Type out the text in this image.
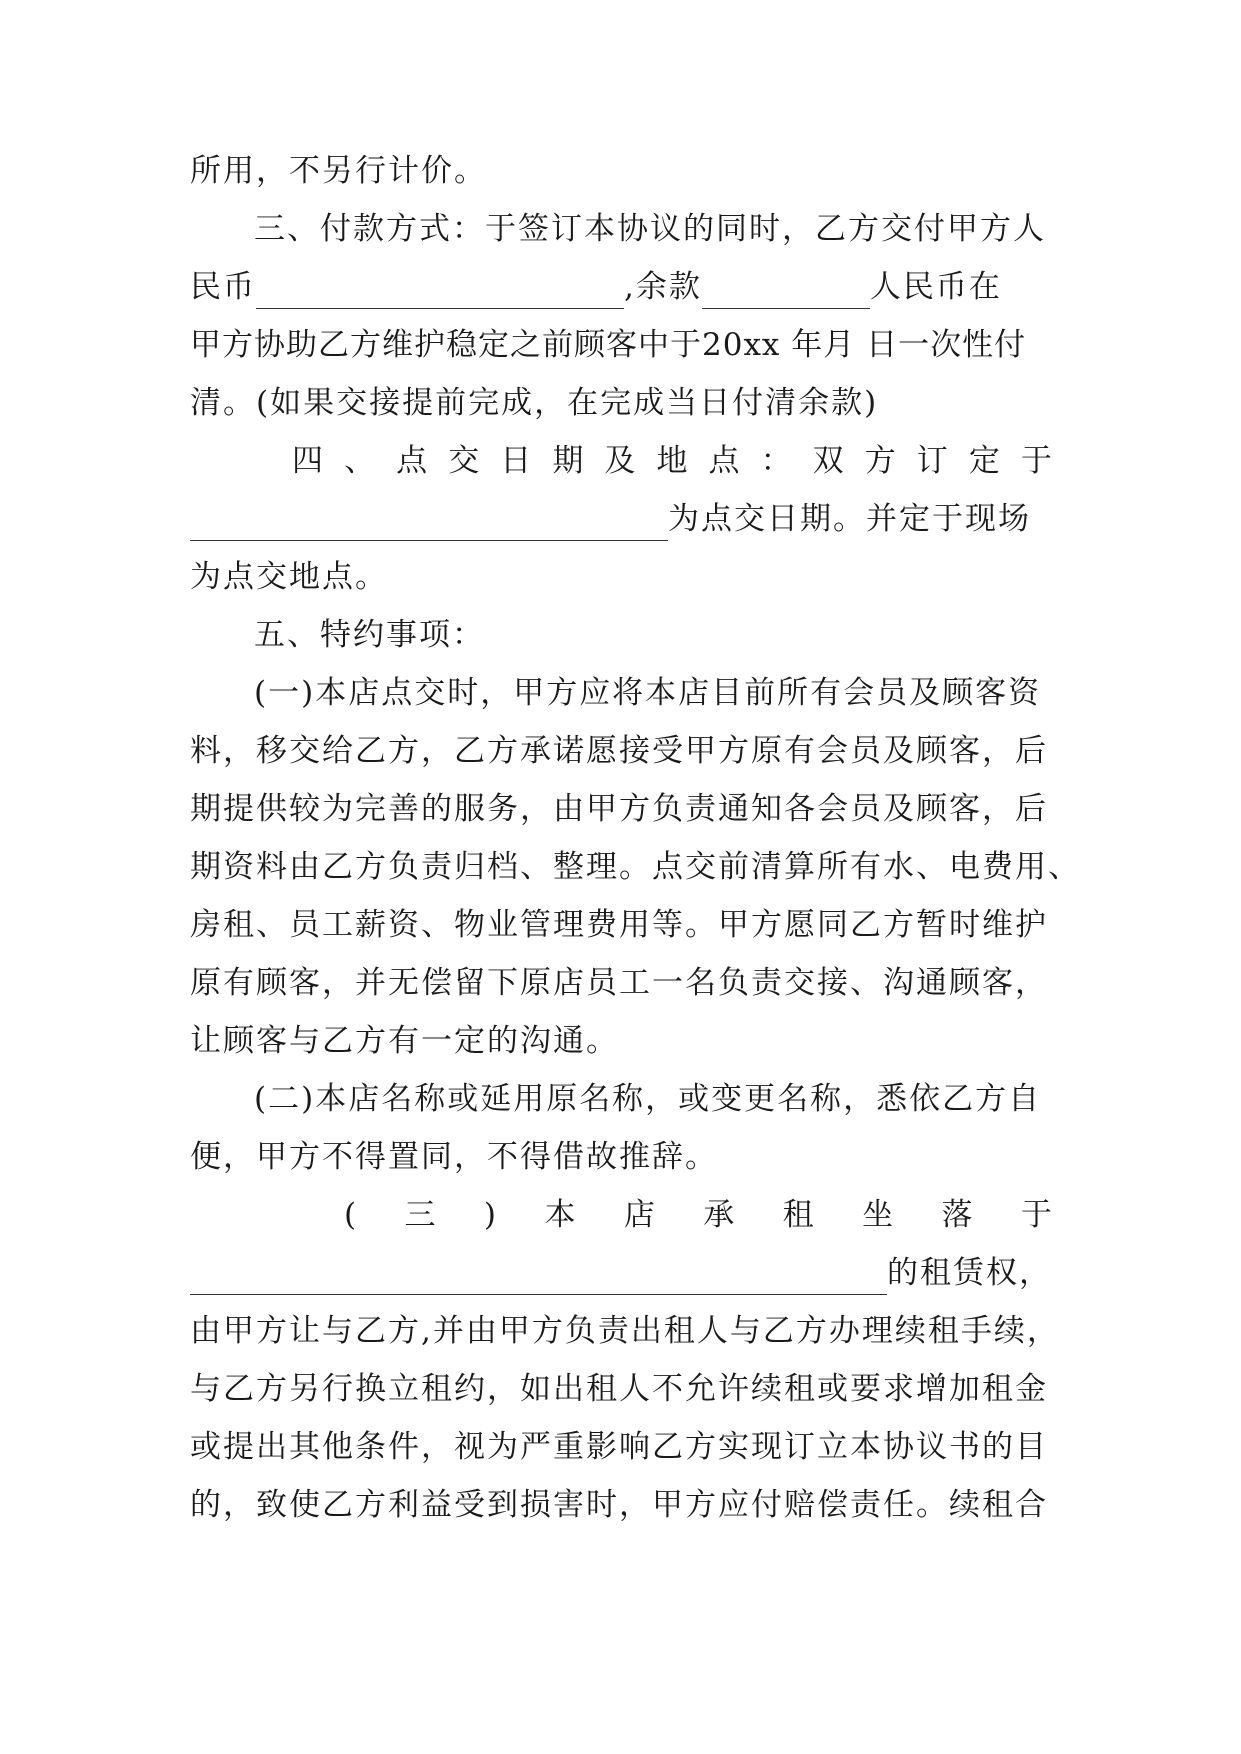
所用，不另行计价。
三、付款方式：于签订本协议的同时，乙方交付甲方人
民币	,余款	人民币在
甲方协助乙方维护稳定之前顾客中于20xx 年月 日一次性付
清。(如果交接提前完成，在完成当日付清余款)
四 、 点 交 日 期 及 地 点 ： 双 方 订 定 于
为点交日期。并定于现场
为点交地点。
五、特约事项：
(一)本店点交时，甲方应将本店目前所有会员及顾客资
料，移交给乙方，乙方承诺愿接受甲方原有会员及顾客，后
期提供较为完善的服务，由甲方负责通知各会员及顾客，后
期资料由乙方负责归档、整理。点交前清算所有水、电费用、
房租、员工薪资、物业管理费用等。甲方愿同乙方暂时维护
原有顾客，并无偿留下原店员工一名负责交接、沟通顾客，
让顾客与乙方有一定的沟通。
(二)本店名称或延用原名称，或变更名称，悉依乙方自
便，甲方不得置同，不得借故推辞。
( 三 ) 本 店 承 租 坐 落 于
的租赁权，
由甲方让与乙方,并由甲方负责出租人与乙方办理续租手续，
与乙方另行换立租约，如出租人不允许续租或要求增加租金
或提出其他条件，视为严重影响乙方实现订立本协议书的目
的，致使乙方利益受到损害时，甲方应付赔偿责任。续租合
